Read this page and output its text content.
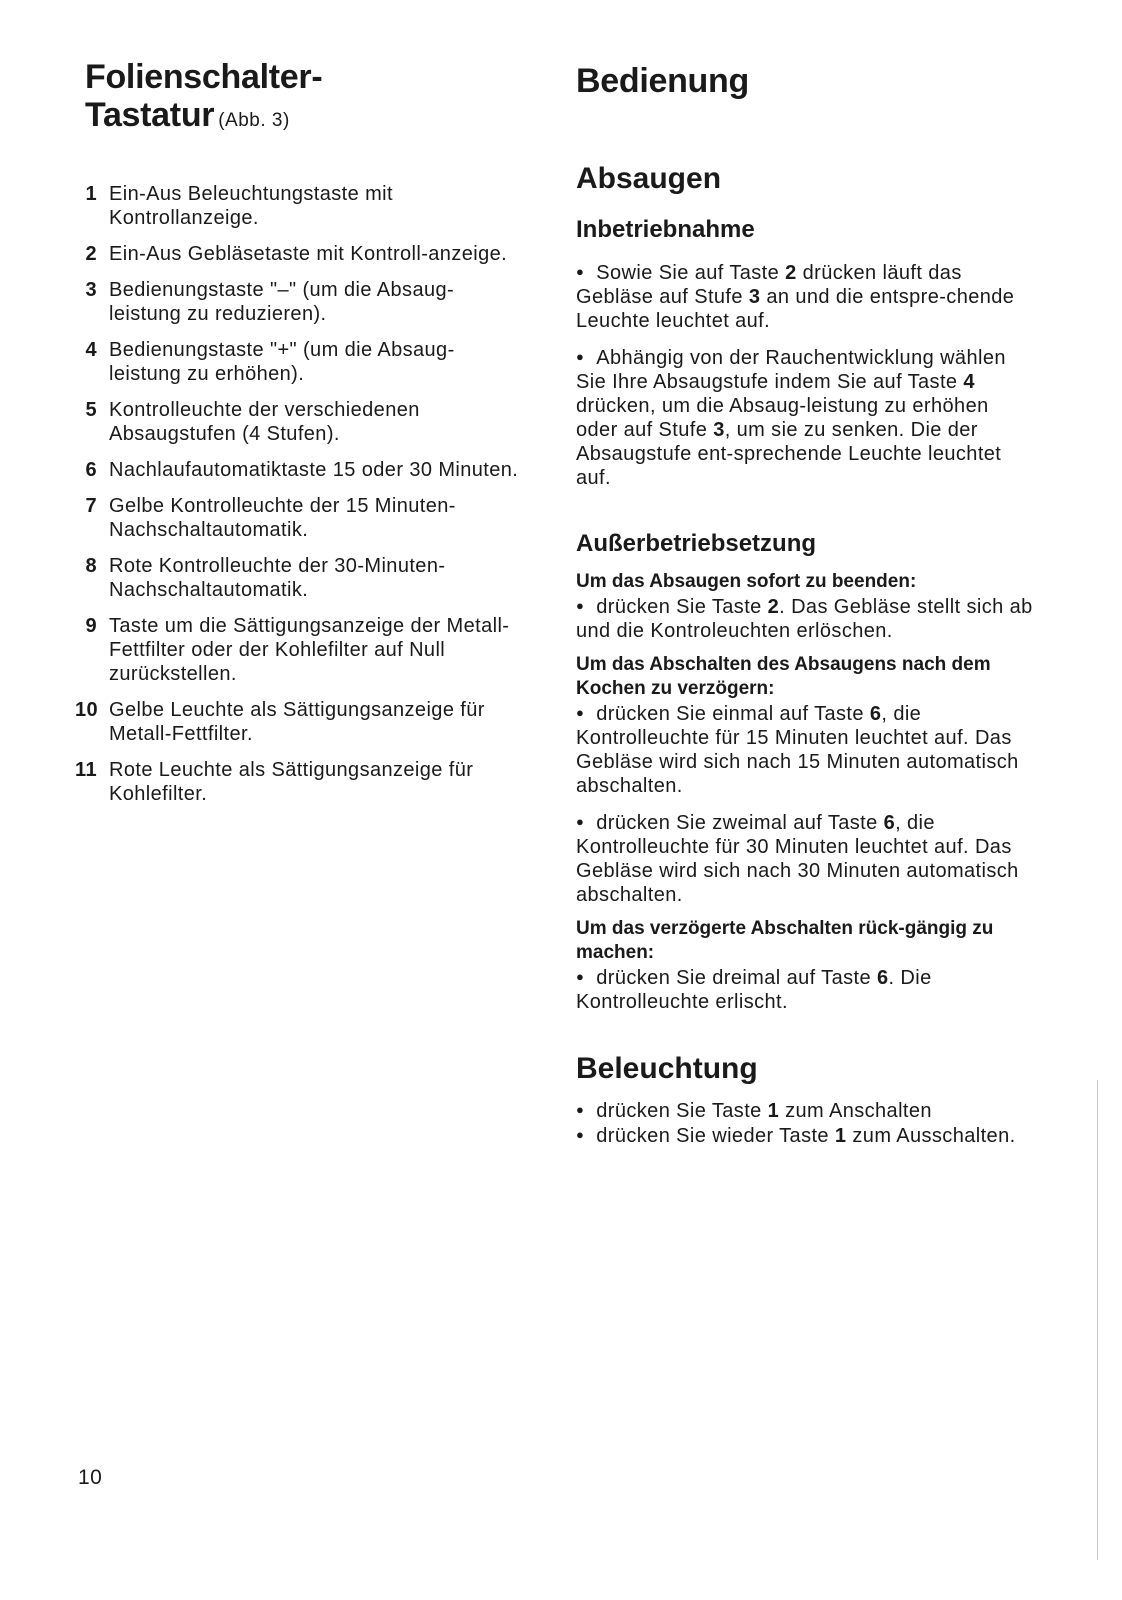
Folienschalter-
Tastatur (Abb. 3)
1 Ein-Aus Beleuchtungstaste mit Kontrollanzeige.
2 Ein-Aus Gebläsetaste mit Kontroll-anzeige.
3 Bedienungstaste "–" (um die Absaug-leistung zu reduzieren).
4 Bedienungstaste "+" (um die Absaug-leistung zu erhöhen).
5 Kontrolleuchte der verschiedenen Absaugstufen (4 Stufen).
6 Nachlaufautomatiktaste 15 oder 30 Minuten.
7 Gelbe Kontrolleuchte der 15 Minuten-Nachschaltautomatik.
8 Rote Kontrolleuchte der 30-Minuten-Nachschaltautomatik.
9 Taste um die Sättigungsanzeige der Metall-Fettfilter oder der Kohlefilter auf Null zurückstellen.
10 Gelbe Leuchte als Sättigungsanzeige für Metall-Fettfilter.
11 Rote Leuchte als Sättigungsanzeige für Kohlefilter.
Bedienung
Absaugen
Inbetriebnahme

● Sowie Sie auf Taste 2 drücken läuft das Gebläse auf Stufe 3 an und die entspre-chende Leuchte leuchtet auf.

● Abhängig von der Rauchentwicklung wählen Sie Ihre Absaugstufe indem Sie auf Taste 4 drücken, um die Absaug-leistung zu erhöhen oder auf Stufe 3, um sie zu senken. Die der Absaugstufe ent-sprechende Leuchte leuchtet auf.

Außerbetriebsetzung

Um das Absaugen sofort zu beenden:

● drücken Sie Taste 2. Das Gebläse stellt sich ab und die Kontroleuchten erlöschen.

Um das Abschalten des Absaugens nach dem Kochen zu verzögern:

● drücken Sie einmal auf Taste 6, die Kontrolleuchte für 15 Minuten leuchtet auf. Das Gebläse wird sich nach 15 Minuten automatisch abschalten.

● drücken Sie zweimal auf Taste 6, die Kontrolleuchte für 30 Minuten leuchtet auf. Das Gebläse wird sich nach 30 Minuten automatisch abschalten.

Um das verzögerte Abschalten rück-gängig zu machen:

● drücken Sie dreimal auf Taste 6. Die Kontrolleuchte erlischt.

Beleuchtung

● drücken Sie Taste 1 zum Anschalten

● drücken Sie wieder Taste 1 zum Ausschalten.

10
